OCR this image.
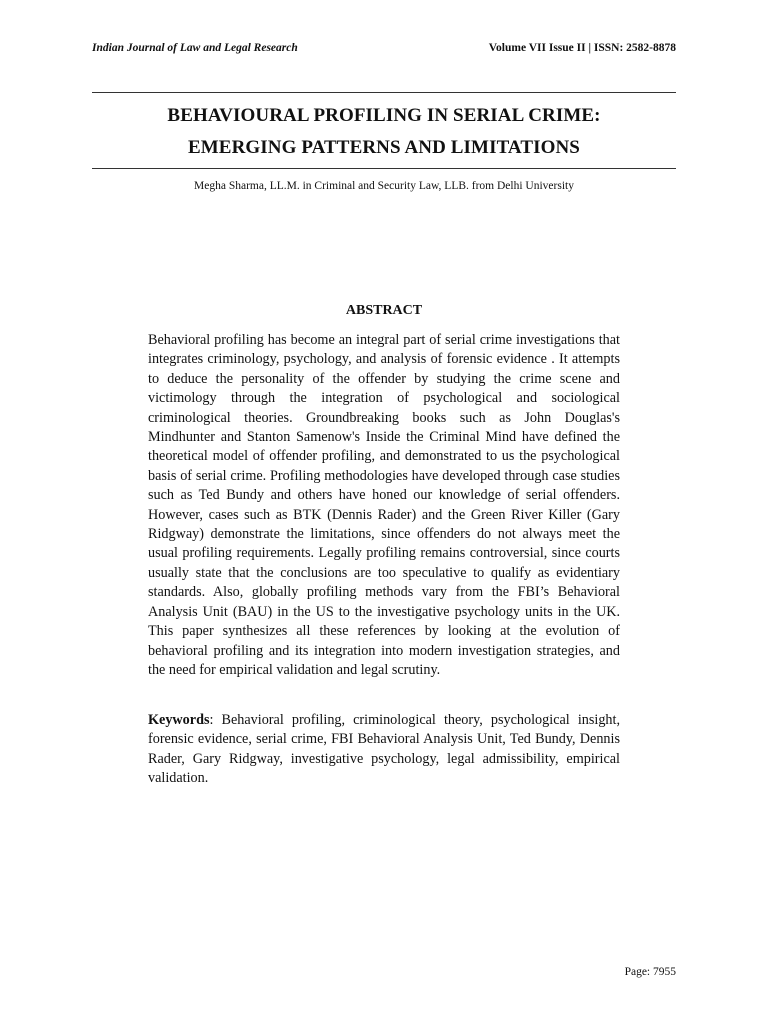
Indian Journal of Law and Legal Research	Volume VII Issue II | ISSN: 2582-8878
BEHAVIOURAL PROFILING IN SERIAL CRIME:
EMERGING PATTERNS AND LIMITATIONS
Megha Sharma, LL.M. in Criminal and Security Law, LLB. from Delhi University
ABSTRACT

Behavioral profiling has become an integral part of serial crime investigations that integrates criminology, psychology, and analysis of forensic evidence . It attempts to deduce the personality of the offender by studying the crime scene and victimology through the integration of psychological and sociological criminological theories. Groundbreaking books such as John Douglas's Mindhunter and Stanton Samenow's Inside the Criminal Mind have defined the theoretical model of offender profiling, and demonstrated to us the psychological basis of serial crime. Profiling methodologies have developed through case studies such as Ted Bundy and others have honed our knowledge of serial offenders. However, cases such as BTK (Dennis Rader) and the Green River Killer (Gary Ridgway) demonstrate the limitations, since offenders do not always meet the usual profiling requirements. Legally profiling remains controversial, since courts usually state that the conclusions are too speculative to qualify as evidentiary standards. Also, globally profiling methods vary from the FBI’s Behavioral Analysis Unit (BAU) in the US to the investigative psychology units in the UK. This paper synthesizes all these references by looking at the evolution of behavioral profiling and its integration into modern investigation strategies, and the need for empirical validation and legal scrutiny.

Keywords: Behavioral profiling, criminological theory, psychological insight, forensic evidence, serial crime, FBI Behavioral Analysis Unit, Ted Bundy, Dennis Rader, Gary Ridgway, investigative psychology, legal admissibility, empirical validation.

Page: 7955
